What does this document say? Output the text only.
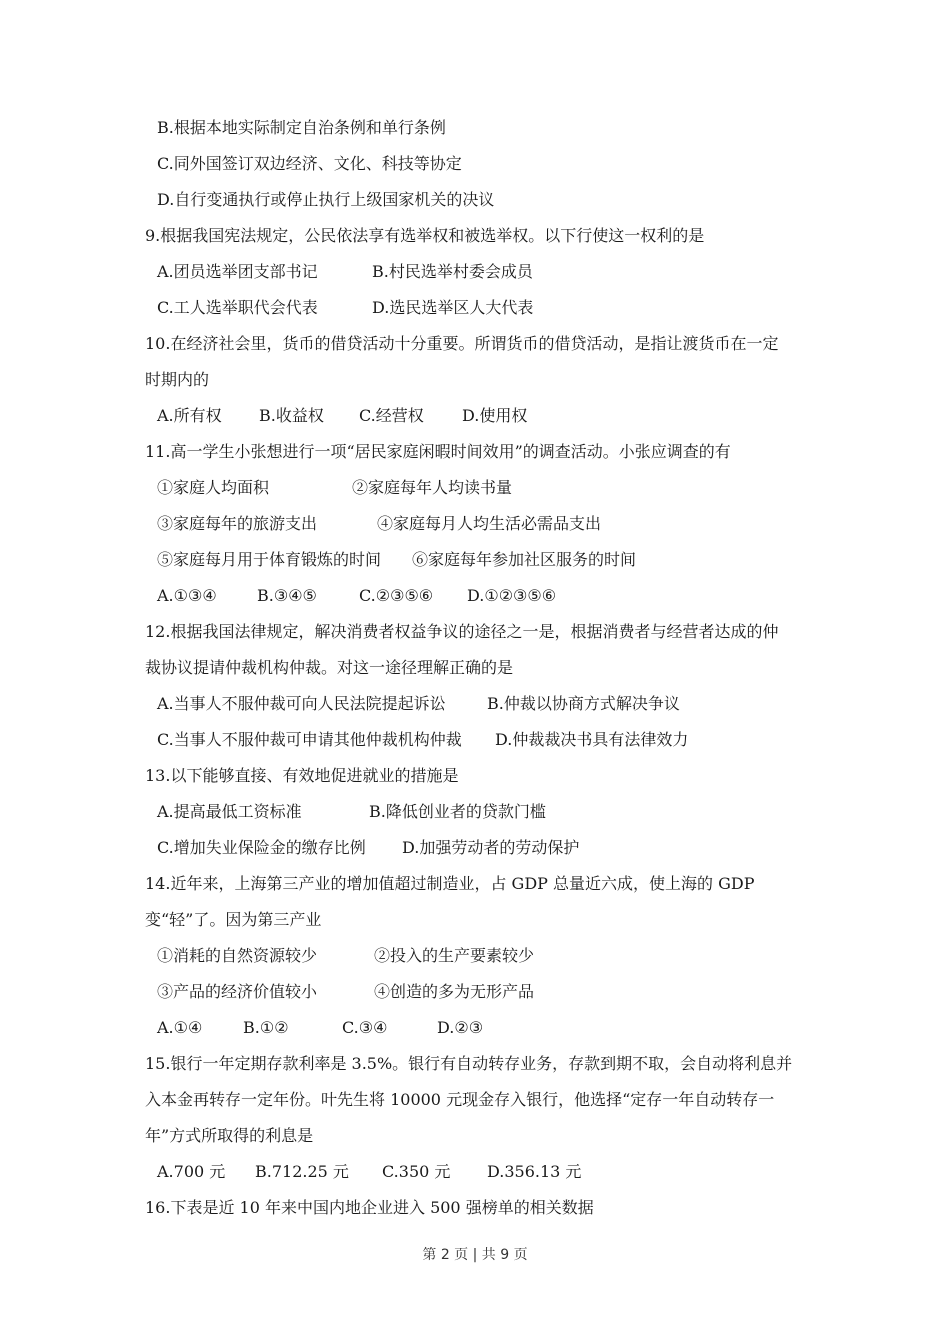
B.根据本地实际制定自治条例和单行条例
C.同外国签订双边经济、文化、科技等协定
D.自行变通执行或停止执行上级国家机关的决议
9.根据我国宪法规定，公民依法享有选举权和被选举权。以下行使这一权利的是
A.团员选举团支部书记	B.村民选举村委会成员
C.工人选举职代会代表	D.选民选举区人大代表
10.在经济社会里，货币的借贷活动十分重要。所谓货币的借贷活动，是指让渡货币在一定
时期内的
A.所有权 B.收益权 C.经营权 D.使用权
11.高一学生小张想进行一项“居民家庭闲暇时间效用”的调查活动。小张应调查的有
①家庭人均面积	②家庭每年人均读书量
③家庭每年的旅游支出	④家庭每月人均生活必需品支出
⑤家庭每月用于体育锻炼的时间 ⑥家庭每年参加社区服务的时间
A.①③④	B.③④⑤	C.②③⑤⑥ D.①②③⑤⑥
12.根据我国法律规定，解决消费者权益争议的途径之一是，根据消费者与经营者达成的仲
裁协议提请仲裁机构仲裁。对这一途径理解正确的是
A.当事人不服仲裁可向人民法院提起诉讼	B.仲裁以协商方式解决争议
C.当事人不服仲裁可申请其他仲裁机构仲裁 D.仲裁裁决书具有法律效力
13.以下能够直接、有效地促进就业的措施是
A.提高最低工资标准	B.降低创业者的贷款门槛
C.增加失业保险金的缴存比例 D.加强劳动者的劳动保护
14.近年来，上海第三产业的增加值超过制造业，占 GDP 总量近六成，使上海的 GDP
变“轻”了。因为第三产业
①消耗的自然资源较少	②投入的生产要素较少
③产品的经济价值较小	④创造的多为无形产品
A.①④	B.①②	C.③④	D.②③
15.银行一年定期存款利率是 3.5%。银行有自动转存业务，存款到期不取，会自动将利息并
入本金再转存一定年份。叶先生将 10000 元现金存入银行，他选择“定存一年自动转存一
年”方式所取得的利息是
A.700 元 B.712.25 元 C.350 元 D.356.13 元
16.下表是近 10 年来中国内地企业进入 500 强榜单的相关数据
第 2 页 | 共 9 页
